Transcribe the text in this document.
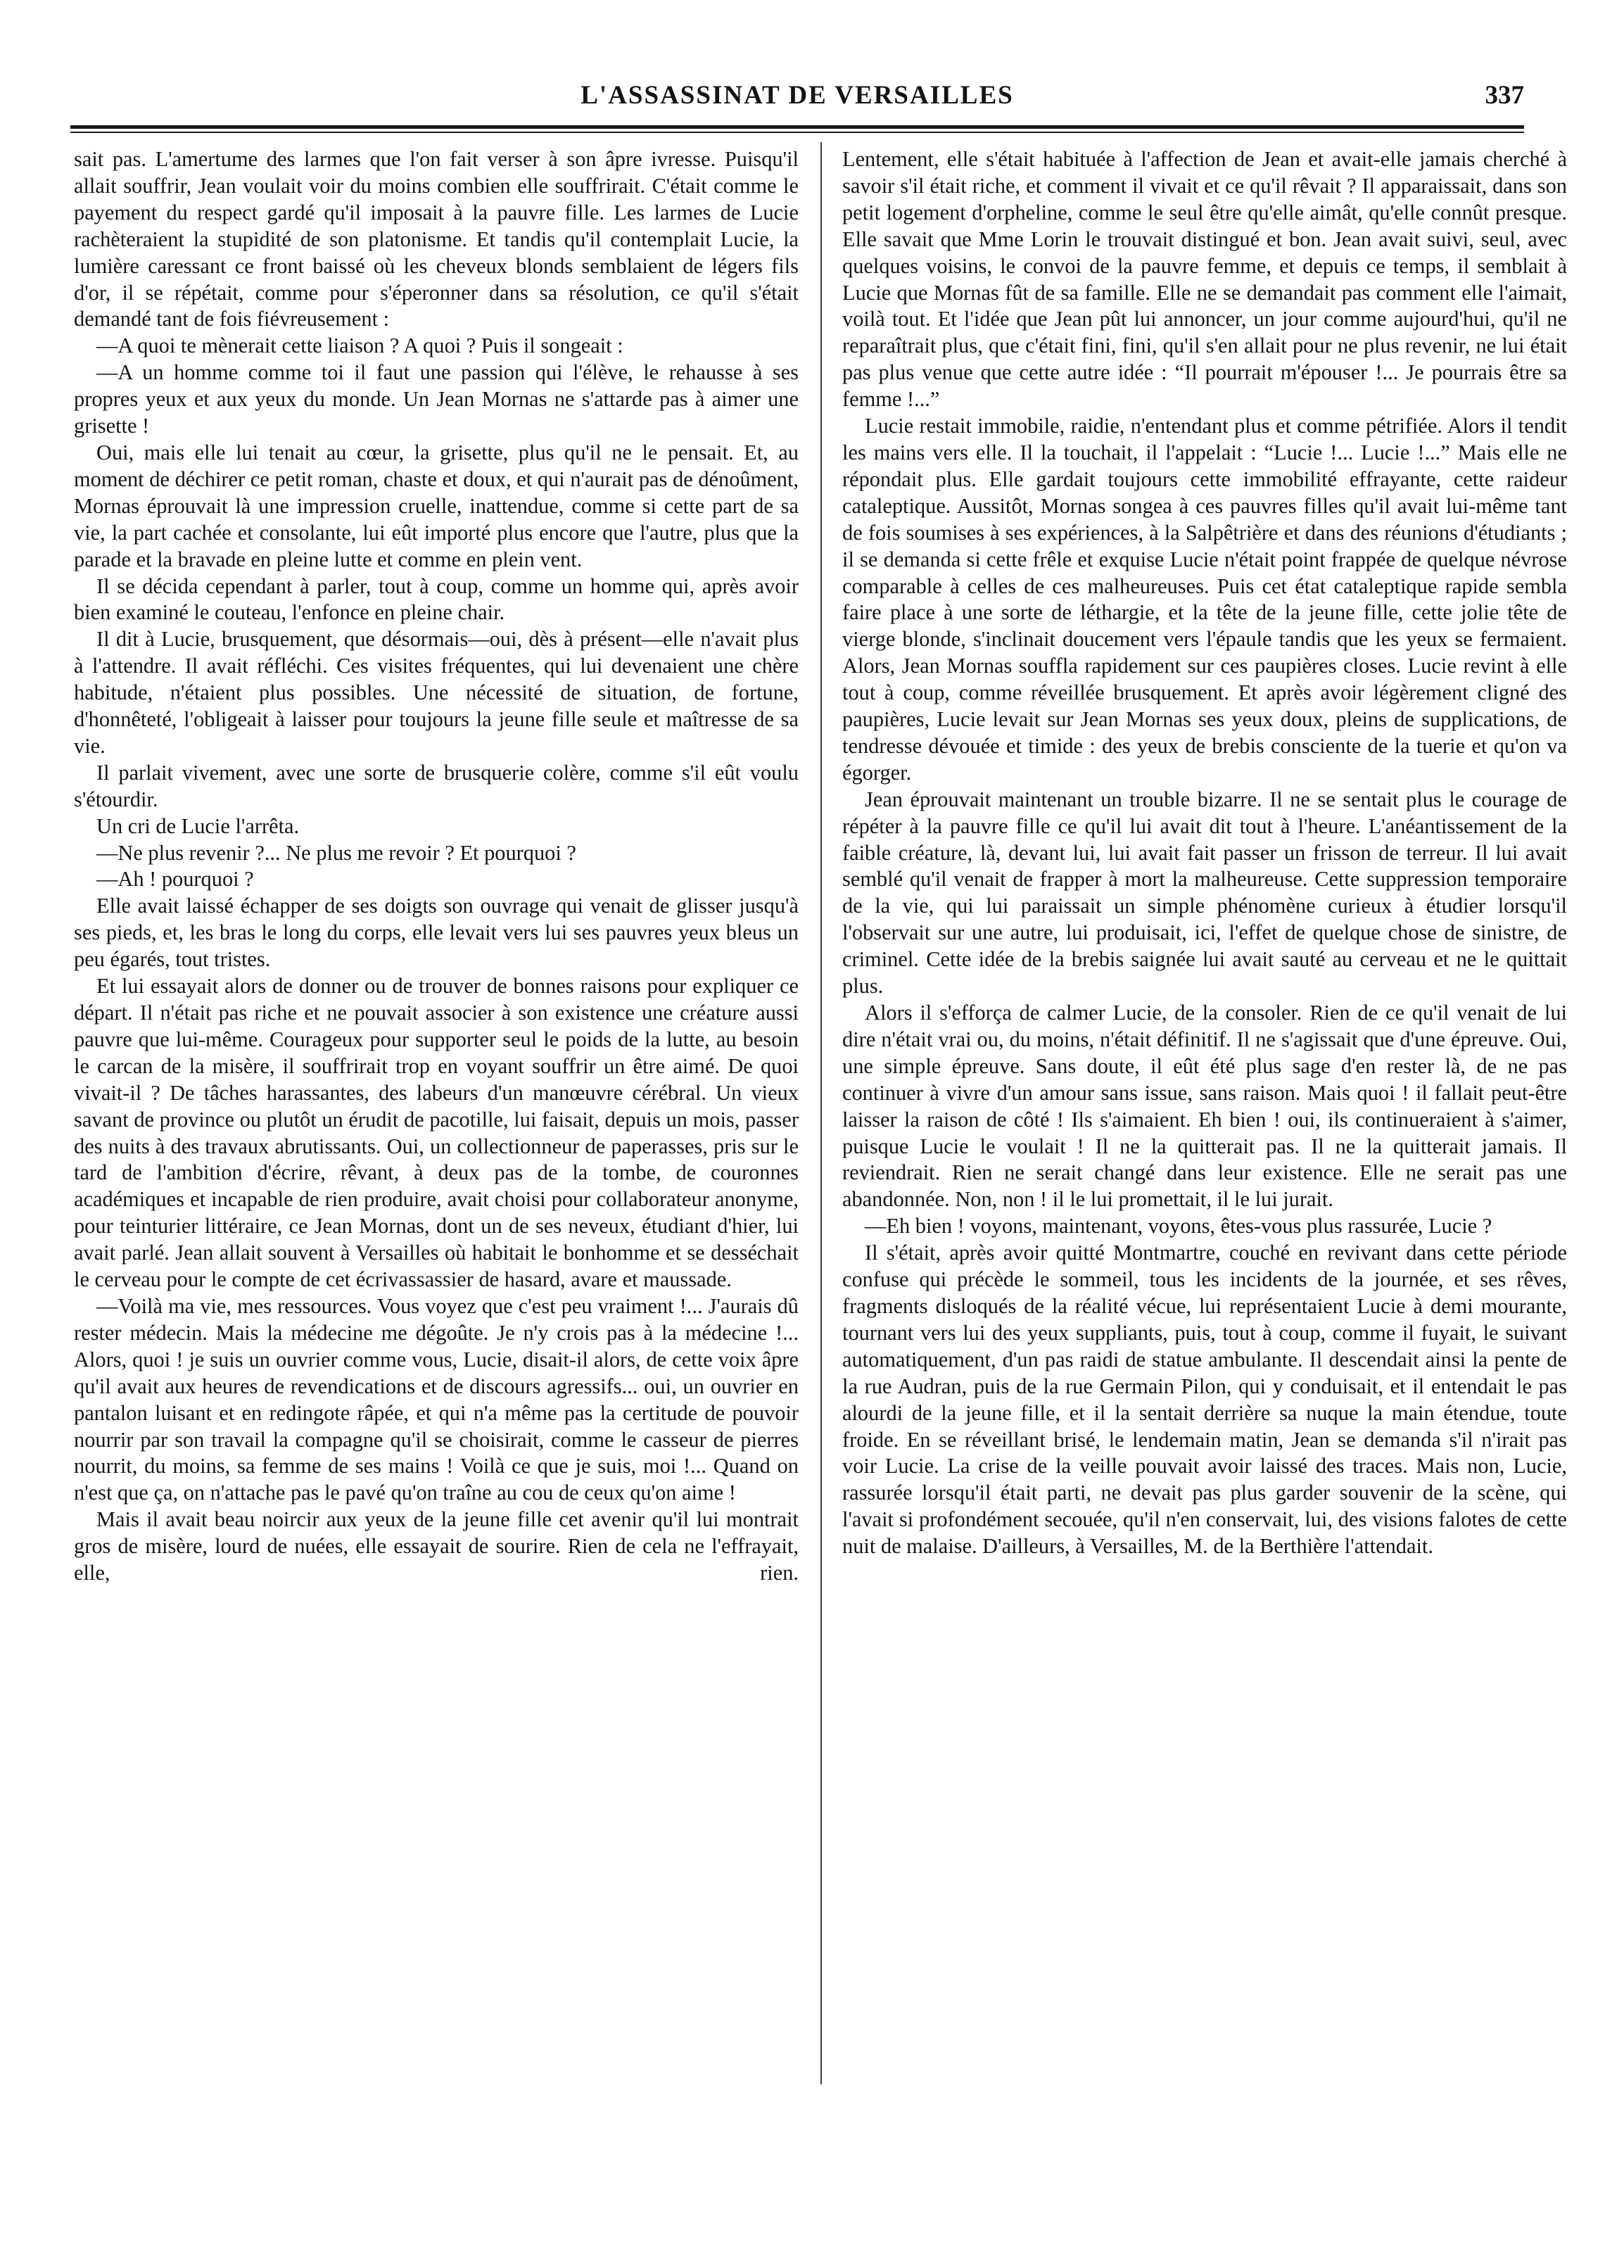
L'ASSASSINAT DE VERSAILLES	337

sait pas. L'amertume des larmes que l'on fait verser à son âpre ivresse. Puisqu'il allait souffrir, Jean voulait voir du moins combien elle souffrirait. C'était comme le payement du respect gardé qu'il imposait à la pauvre fille. Les larmes de Lucie rachèteraient la stupidité de son platonisme. Et tandis qu'il contemplait Lucie, la lumière caressant ce front baissé où les cheveux blonds semblaient de légers fils d'or, il se répétait, comme pour s'éperonner dans sa résolution, ce qu'il s'était demandé tant de fois fiévreusement :

—A quoi te mènerait cette liaison ? A quoi ? Puis il songeait :

—A un homme comme toi il faut une passion qui l'élève, le rehausse à ses propres yeux et aux yeux du monde. Un Jean Mornas ne s'attarde pas à aimer une grisette !

Oui, mais elle lui tenait au cœur, la grisette, plus qu'il ne le pensait. Et, au moment de déchirer ce petit roman, chaste et doux, et qui n'aurait pas de dénoûment, Mornas éprouvait là une impression cruelle, inattendue, comme si cette part de sa vie, la part cachée et consolante, lui eût importé plus encore que l'autre, plus que la parade et la bravade en pleine lutte et comme en plein vent.

Il se décida cependant à parler, tout à coup, comme un homme qui, après avoir bien examiné le couteau, l'enfonce en pleine chair.

Il dit à Lucie, brusquement, que désormais—oui, dès à présent—elle n'avait plus à l'attendre. Il avait réfléchi. Ces visites fréquentes, qui lui devenaient une chère habitude, n'étaient plus possibles. Une nécessité de situation, de fortune, d'honnêteté, l'obligeait à laisser pour toujours la jeune fille seule et maîtresse de sa vie.

Il parlait vivement, avec une sorte de brusquerie colère, comme s'il eût voulu s'étourdir.

Un cri de Lucie l'arrêta.

—Ne plus revenir ?... Ne plus me revoir ? Et pourquoi ?

—Ah ! pourquoi ?

Elle avait laissé échapper de ses doigts son ouvrage qui venait de glisser jusqu'à ses pieds, et, les bras le long du corps, elle levait vers lui ses pauvres yeux bleus un peu égarés, tout tristes.

Et lui essayait alors de donner ou de trouver de bonnes raisons pour expliquer ce départ. Il n'était pas riche et ne pouvait associer à son existence une créature aussi pauvre que lui-même. Courageux pour supporter seul le poids de la lutte, au besoin le carcan de la misère, il souffrirait trop en voyant souffrir un être aimé. De quoi vivait-il ? De tâches harassantes, des labeurs d'un manœuvre cérébral. Un vieux savant de province ou plutôt un érudit de pacotille, lui faisait, depuis un mois, passer des nuits à des travaux abrutissants. Oui, un collectionneur de paperasses, pris sur le tard de l'ambition d'écrire, rêvant, à deux pas de la tombe, de couronnes académiques et incapable de rien produire, avait choisi pour collaborateur anonyme, pour teinturier littéraire, ce Jean Mornas, dont un de ses neveux, étudiant d'hier, lui avait parlé. Jean allait souvent à Versailles où habitait le bonhomme et se desséchait le cerveau pour le compte de cet écrivassassier de hasard, avare et maussade.

—Voilà ma vie, mes ressources. Vous voyez que c'est peu vraiment !... J'aurais dû rester médecin. Mais la médecine me dégoûte. Je n'y crois pas à la médecine !... Alors, quoi ! je suis un ouvrier comme vous, Lucie, disait-il alors, de cette voix âpre qu'il avait aux heures de revendications et de discours agressifs... oui, un ouvrier en pantalon luisant et en redingote râpée, et qui n'a même pas la certitude de pouvoir nourrir par son travail la compagne qu'il se choisirait, comme le casseur de pierres nourrit, du moins, sa femme de ses mains ! Voilà ce que je suis, moi !... Quand on n'est que ça, on n'attache pas le pavé qu'on traîne au cou de ceux qu'on aime !

Mais il avait beau noircir aux yeux de la jeune fille cet avenir qu'il lui montrait gros de misère, lourd de nuées, elle essayait de sourire. Rien de cela ne l'effrayait, elle, rien.

Lentement, elle s'était habituée à l'affection de Jean et avait-elle jamais cherché à savoir s'il était riche, et comment il vivait et ce qu'il rêvait ? Il apparaissait, dans son petit logement d'orpheline, comme le seul être qu'elle aimât, qu'elle connût presque. Elle savait que Mme Lorin le trouvait distingué et bon. Jean avait suivi, seul, avec quelques voisins, le convoi de la pauvre femme, et depuis ce temps, il semblait à Lucie que Mornas fût de sa famille. Elle ne se demandait pas comment elle l'aimait, voilà tout. Et l'idée que Jean pût lui annoncer, un jour comme aujourd'hui, qu'il ne reparaîtrait plus, que c'était fini, fini, qu'il s'en allait pour ne plus revenir, ne lui était pas plus venue que cette autre idée : “Il pourrait m'épouser !... Je pourrais être sa femme !...”

Lucie restait immobile, raidie, n'entendant plus et comme pétrifiée. Alors il tendit les mains vers elle. Il la touchait, il l'appelait : “Lucie !... Lucie !...” Mais elle ne répondait plus. Elle gardait toujours cette immobilité effrayante, cette raideur cataleptique. Aussitôt, Mornas songea à ces pauvres filles qu'il avait lui-même tant de fois soumises à ses expériences, à la Salpêtrière et dans des réunions d'étudiants ; il se demanda si cette frêle et exquise Lucie n'était point frappée de quelque névrose comparable à celles de ces malheureuses. Puis cet état cataleptique rapide sembla faire place à une sorte de léthargie, et la tête de la jeune fille, cette jolie tête de vierge blonde, s'inclinait doucement vers l'épaule tandis que les yeux se fermaient. Alors, Jean Mornas souffla rapidement sur ces paupières closes. Lucie revint à elle tout à coup, comme réveillée brusquement. Et après avoir légèrement cligné des paupières, Lucie levait sur Jean Mornas ses yeux doux, pleins de supplications, de tendresse dévouée et timide : des yeux de brebis consciente de la tuerie et qu'on va égorger.

Jean éprouvait maintenant un trouble bizarre. Il ne se sentait plus le courage de répéter à la pauvre fille ce qu'il lui avait dit tout à l'heure. L'anéantissement de la faible créature, là, devant lui, lui avait fait passer un frisson de terreur. Il lui avait semblé qu'il venait de frapper à mort la malheureuse. Cette suppression temporaire de la vie, qui lui paraissait un simple phénomène curieux à étudier lorsqu'il l'observait sur une autre, lui produisait, ici, l'effet de quelque chose de sinistre, de criminel. Cette idée de la brebis saignée lui avait sauté au cerveau et ne le quittait plus.

Alors il s'efforça de calmer Lucie, de la consoler. Rien de ce qu'il venait de lui dire n'était vrai ou, du moins, n'était définitif. Il ne s'agissait que d'une épreuve. Oui, une simple épreuve. Sans doute, il eût été plus sage d'en rester là, de ne pas continuer à vivre d'un amour sans issue, sans raison. Mais quoi ! il fallait peut-être laisser la raison de côté ! Ils s'aimaient. Eh bien ! oui, ils continueraient à s'aimer, puisque Lucie le voulait ! Il ne la quitterait pas. Il ne la quitterait jamais. Il reviendrait. Rien ne serait changé dans leur existence. Elle ne serait pas une abandonnée. Non, non ! il le lui promettait, il le lui jurait.

—Eh bien ! voyons, maintenant, voyons, êtes-vous plus rassurée, Lucie ?

Il s'était, après avoir quitté Montmartre, couché en revivant dans cette période confuse qui précède le sommeil, tous les incidents de la journée, et ses rêves, fragments disloqués de la réalité vécue, lui représentaient Lucie à demi mourante, tournant vers lui des yeux suppliants, puis, tout à coup, comme il fuyait, le suivant automatiquement, d'un pas raidi de statue ambulante. Il descendait ainsi la pente de la rue Audran, puis de la rue Germain Pilon, qui y conduisait, et il entendait le pas alourdi de la jeune fille, et il la sentait derrière sa nuque la main étendue, toute froide. En se réveillant brisé, le lendemain matin, Jean se demanda s'il n'irait pas voir Lucie. La crise de la veille pouvait avoir laissé des traces. Mais non, Lucie, rassurée lorsqu'il était parti, ne devait pas plus garder souvenir de la scène, qui l'avait si profondément secouée, qu'il n'en conservait, lui, des visions falotes de cette nuit de malaise. D'ailleurs, à Versailles, M. de la Berthière l'attendait.
